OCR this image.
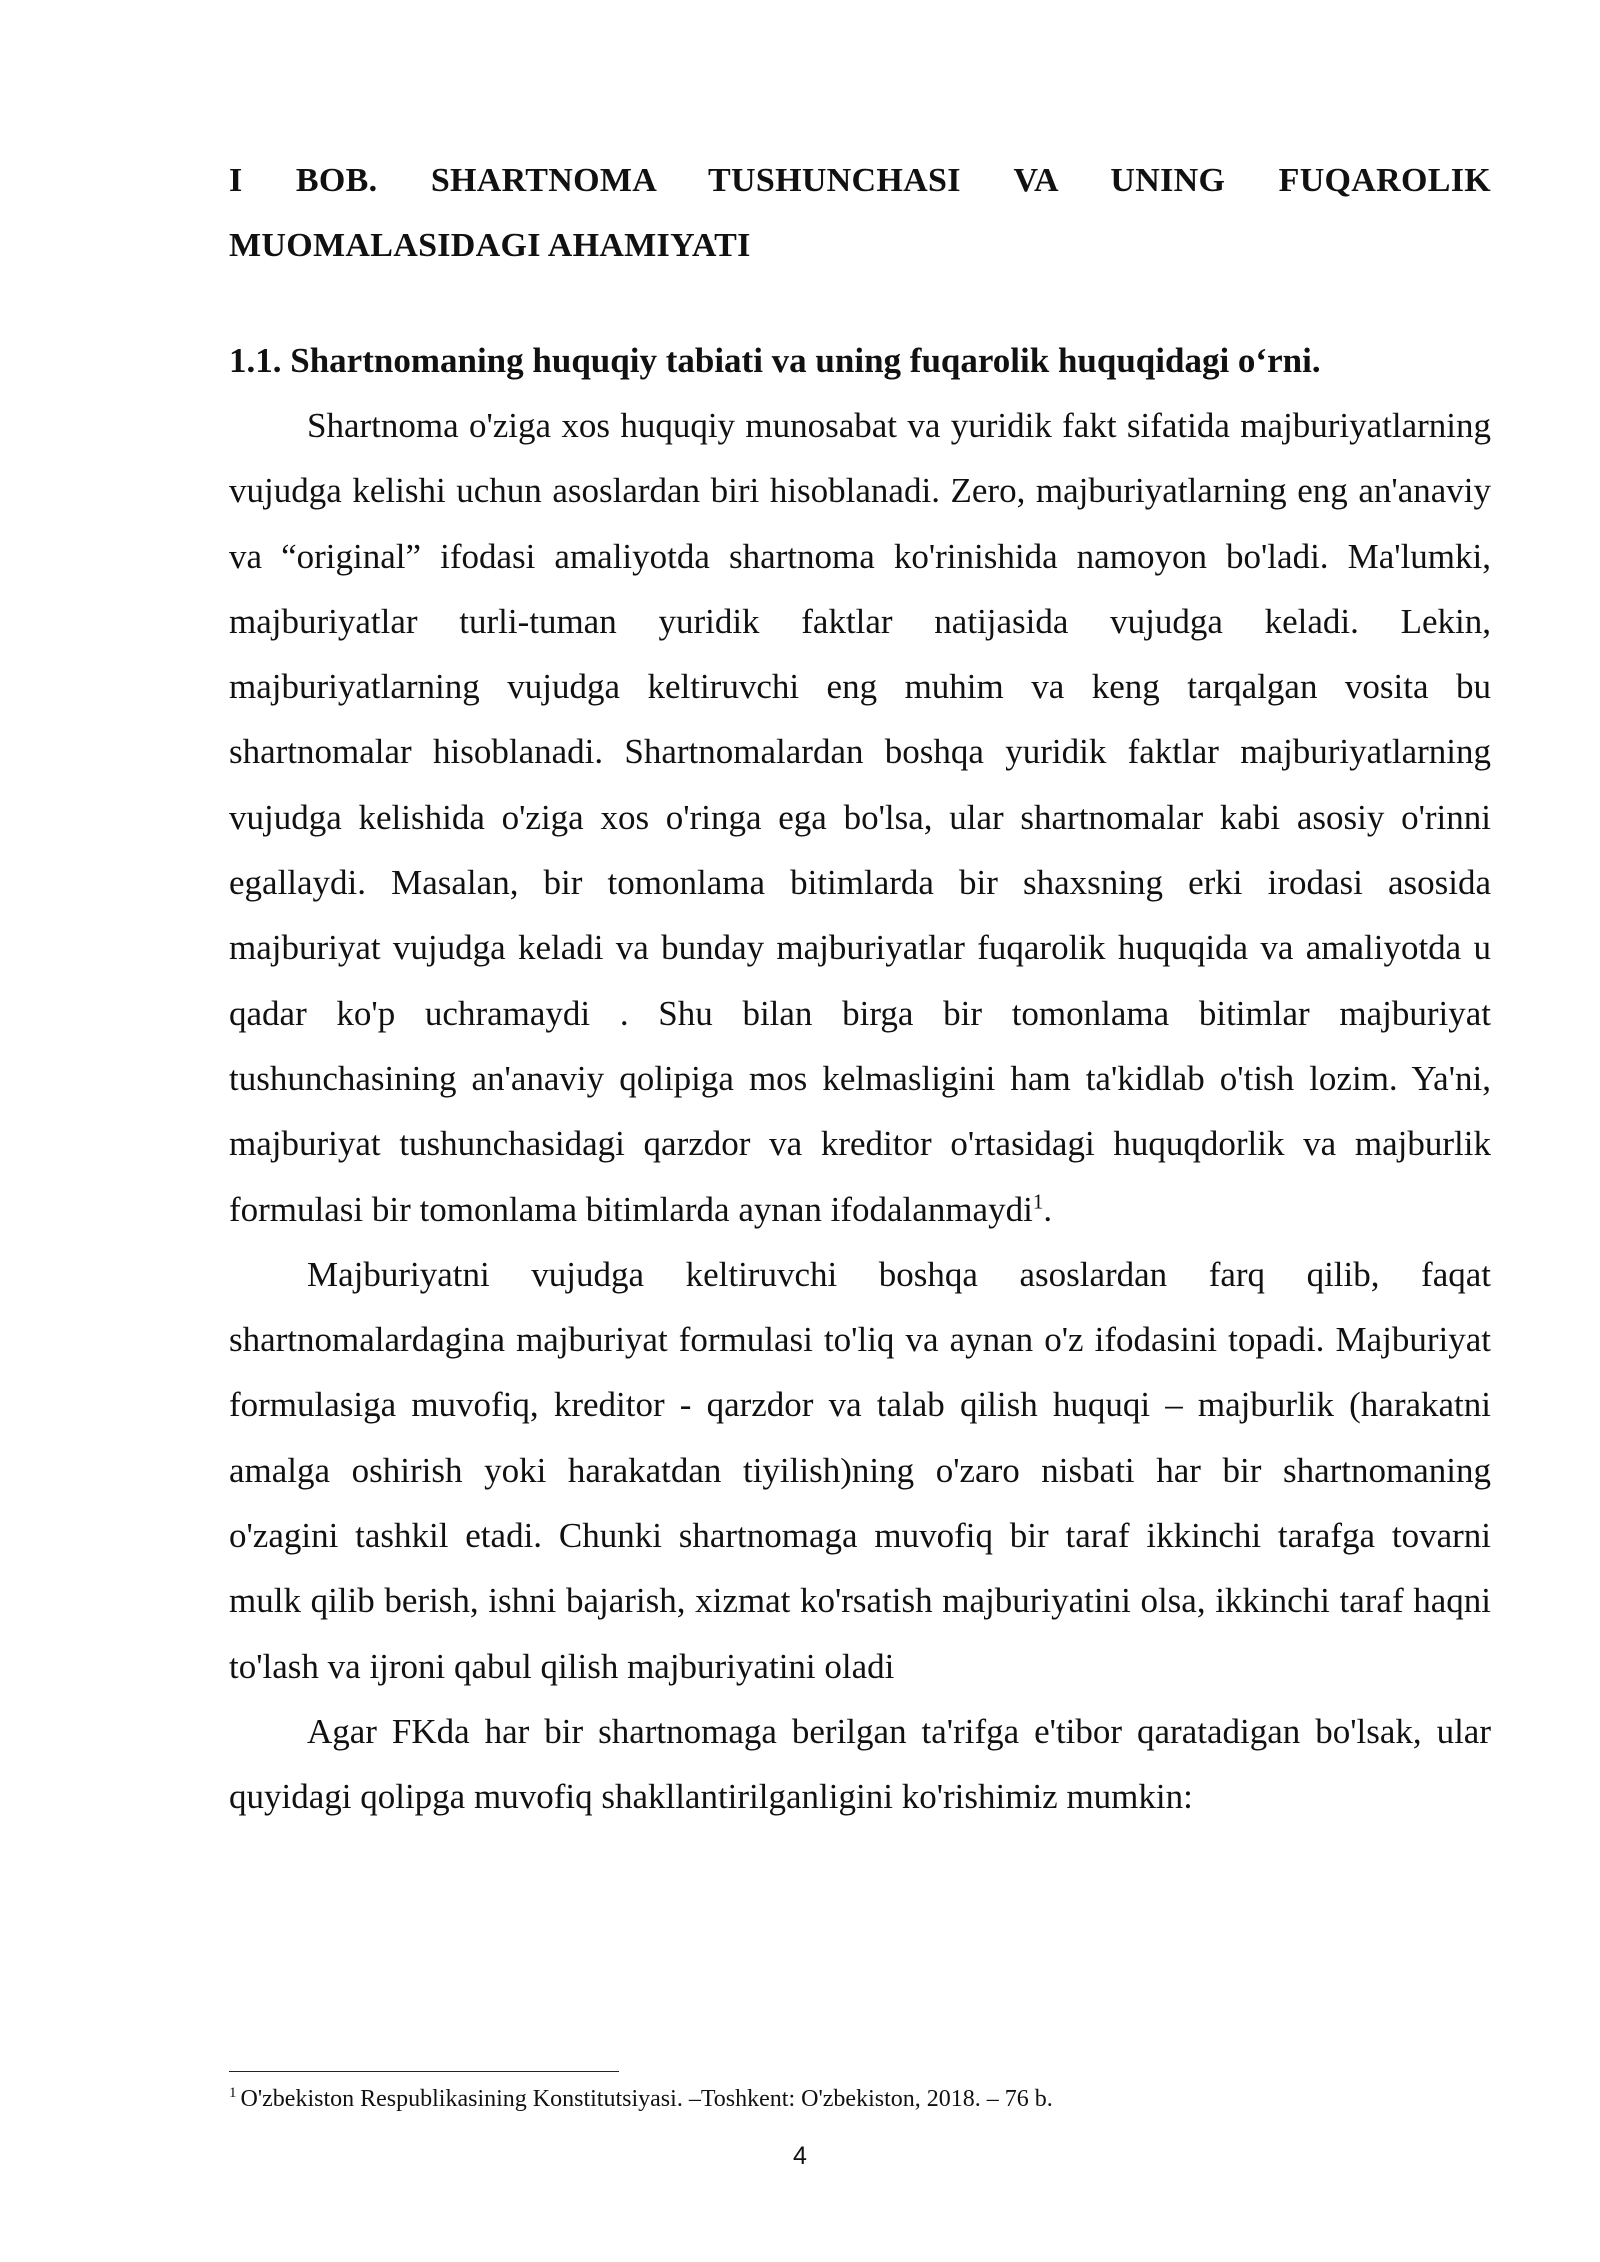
I BOB. SHARTNOMA TUSHUNCHASI VA UNING FUQAROLIK MUOMALASIDAGI AHAMIYATI
1.1. Shartnomaning huquqiy tabiati va uning fuqarolik huquqidagi o‘rni.

Shartnoma o'ziga xos huquqiy munosabat va yuridik fakt sifatida majburiyatlarning vujudga kelishi uchun asoslardan biri hisoblanadi. Zero, majburiyatlarning eng an'anaviy va “original” ifodasi amaliyotda shartnoma ko'rinishida namoyon bo'ladi. Ma'lumki, majburiyatlar turli-tuman yuridik faktlar natijasida vujudga keladi. Lekin, majburiyatlarning vujudga keltiruvchi eng muhim va keng tarqalgan vosita bu shartnomalar hisoblanadi. Shartnomalardan boshqa yuridik faktlar majburiyatlarning vujudga kelishida o'ziga xos o'ringa ega bo'lsa, ular shartnomalar kabi asosiy o'rinni egallaydi. Masalan, bir tomonlama bitimlarda bir shaxsning erki irodasi asosida majburiyat vujudga keladi va bunday majburiyatlar fuqarolik huquqida va amaliyotda u qadar ko'p uchramaydi . Shu bilan birga bir tomonlama bitimlar majburiyat tushunchasining an'anaviy qolipiga mos kelmasligini ham ta'kidlab o'tish lozim. Ya'ni, majburiyat tushunchasidagi qarzdor va kreditor o'rtasidagi huquqdorlik va majburlik formulasi bir tomonlama bitimlarda aynan ifodalanmaydi$^1$.

Majburiyatni vujudga keltiruvchi boshqa asoslardan farq qilib, faqat shartnomalardagina majburiyat formulasi to'liq va aynan o'z ifodasini topadi. Majburiyat formulasiga muvofiq, kreditor - qarzdor va talab qilish huquqi – majburlik (harakatni amalga oshirish yoki harakatdan tiyilish)ning o'zaro nisbati har bir shartnomaning o'zagini tashkil etadi. Chunki shartnomaga muvofiq bir taraf ikkinchi tarafga tovarni mulk qilib berish, ishni bajarish, xizmat ko'rsatish majburiyatini olsa, ikkinchi taraf haqni to'lash va ijroni qabul qilish majburiyatini oladi

Agar FKda har bir shartnomaga berilgan ta'rifga e'tibor qaratadigan bo'lsak, ular quyidagi qolipga muvofiq shakllantirilganligini ko'rishimiz mumkin:

$^1$ O'zbekiston Respublikasining Konstitutsiyasi. –Toshkent: O'zbekiston, 2018. – 76 b.
4
